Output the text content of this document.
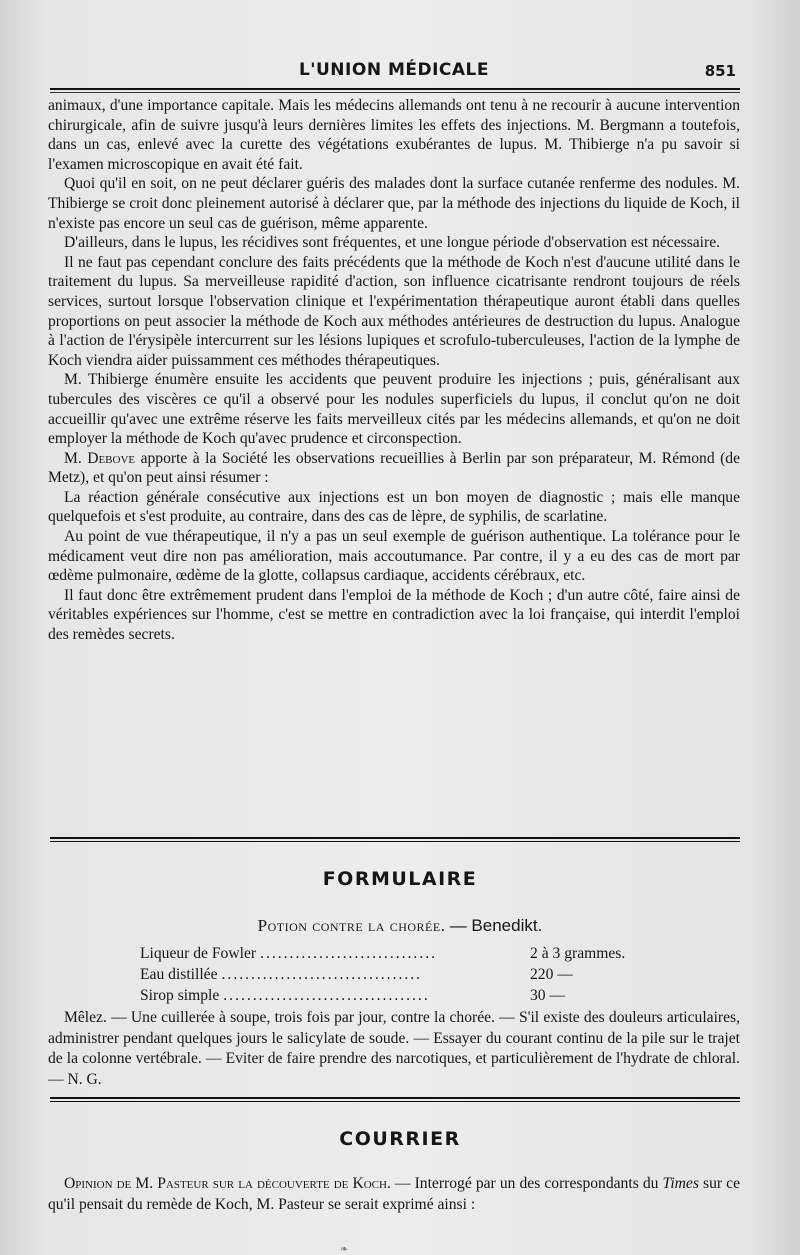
L'UNION MÉDICALE	851

animaux, d'une importance capitale. Mais les médecins allemands ont tenu à ne recourir à aucune intervention chirurgicale, afin de suivre jusqu'à leurs dernières limites les effets des injections. M. Bergmann a toutefois, dans un cas, enlevé avec la curette des végétations exubérantes de lupus. M. Thibierge n'a pu savoir si l'examen microscopique en avait été fait.

Quoi qu'il en soit, on ne peut déclarer guéris des malades dont la surface cutanée renferme des nodules. M. Thibierge se croit donc pleinement autorisé à déclarer que, par la méthode des injections du liquide de Koch, il n'existe pas encore un seul cas de guérison, même apparente.

D'ailleurs, dans le lupus, les récidives sont fréquentes, et une longue période d'observation est nécessaire.

Il ne faut pas cependant conclure des faits précédents que la méthode de Koch n'est d'aucune utilité dans le traitement du lupus. Sa merveilleuse rapidité d'action, son influence cicatrisante rendront toujours de réels services, surtout lorsque l'observation clinique et l'expérimentation thérapeutique auront établi dans quelles proportions on peut associer la méthode de Koch aux méthodes antérieures de destruction du lupus. Analogue à l'action de l'érysipèle intercurrent sur les lésions lupiques et scrofulo-tuberculeuses, l'action de la lymphe de Koch viendra aider puissamment ces méthodes thérapeutiques.

M. Thibierge énumère ensuite les accidents que peuvent produire les injections ; puis, généralisant aux tubercules des viscères ce qu'il a observé pour les nodules superficiels du lupus, il conclut qu'on ne doit accueillir qu'avec une extrême réserve les faits merveilleux cités par les médecins allemands, et qu'on ne doit employer la méthode de Koch qu'avec prudence et circonspection.

M. Debove apporte à la Société les observations recueillies à Berlin par son préparateur, M. Rémond (de Metz), et qu'on peut ainsi résumer :

La réaction générale consécutive aux injections est un bon moyen de diagnostic ; mais elle manque quelquefois et s'est produite, au contraire, dans des cas de lèpre, de syphilis, de scarlatine.

Au point de vue thérapeutique, il n'y a pas un seul exemple de guérison authentique. La tolérance pour le médicament veut dire non pas amélioration, mais accoutumance. Par contre, il y a eu des cas de mort par œdème pulmonaire, œdème de la glotte, collapsus cardiaque, accidents cérébraux, etc.

Il faut donc être extrêmement prudent dans l'emploi de la méthode de Koch ; d'un autre côté, faire ainsi de véritables expériences sur l'homme, c'est se mettre en contradiction avec la loi française, qui interdit l'emploi des remèdes secrets.

FORMULAIRE
Potion contre la chorée. — Benedikt.
Liqueur de Fowler ..............................	2 à 3 grammes.
Eau distillée ..................................	220 —
Sirop simple ...................................	30 —
Mêlez. — Une cuillerée à soupe, trois fois par jour, contre la chorée. — S'il existe des douleurs articulaires, administrer pendant quelques jours le salicylate de soude. — Essayer du courant continu de la pile sur le trajet de la colonne vertébrale. — Eviter de faire prendre des narcotiques, et particulièrement de l'hydrate de chloral. — N. G.
COURRIER
Opinion de M. Pasteur sur la découverte de Koch. — Interrogé par un des correspondants du Times sur ce qu'il pensait du remède de Koch, M. Pasteur se serait exprimé ainsi :
❧
